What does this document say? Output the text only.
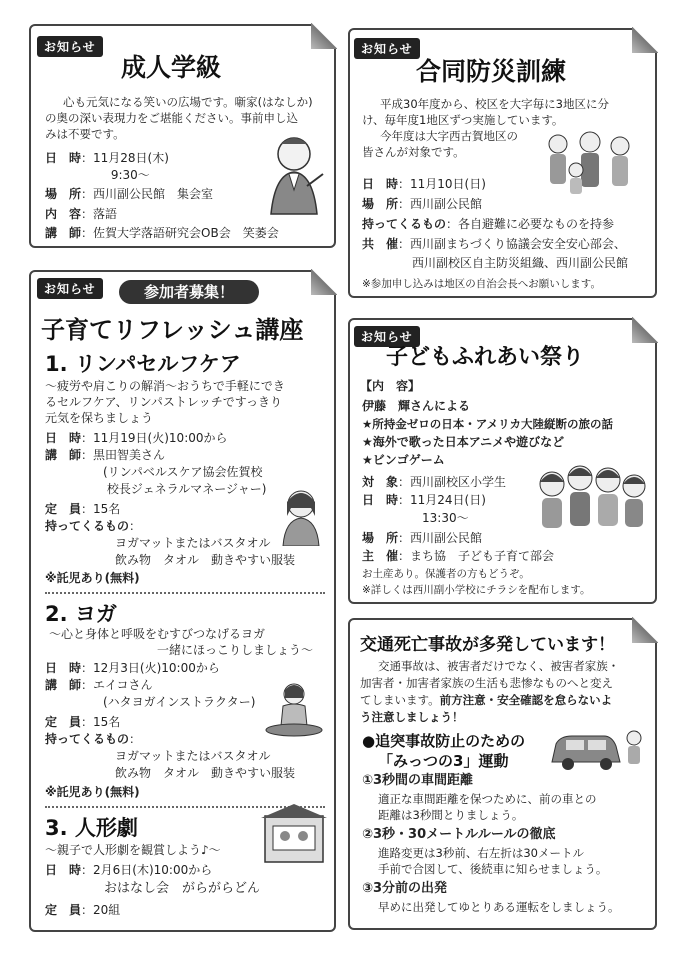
お知らせ
成人学級
心も元気になる笑いの広場です。噺家(はなしか)
の奥の深い表現力をご堪能ください。事前申し込
みは不要です。
日　時：11月28日(木)
　 9:30〜
場　所：西川副公民館　集会室
内　容：落語
講　師：佐賀大学落語研究会OB会　笑萎会
お知らせ
合同防災訓練
平成30年度から、校区を大字毎に3地区に分
け、毎年度1地区ずつ実施しています。
今年度は大字西古賀地区の
皆さんが対象です。
日　時：11月10日(日)
場　所：西川副公民館
持ってくるもの：各自避難に必要なものを持参
共　催：西川副まちづくり協議会安全安心部会、
　西川副校区自主防災組織、西川副公民館
※参加申し込みは地区の自治会長へお願いします。
お知らせ	参加者募集！
子育てリフレッシュ講座
1. リンパセルフケア
〜疲労や肩こりの解消〜おうちで手軽にでき
るセルフケア、リンパストレッチですっきり
元気を保ちましょう
日　時：11月19日(火)10:00から
講　師：黒田智美さん
　(リンパベルスケア協会佐賀校
　 校長ジェネラルマネージャー)
定　員：15名
持ってくるもの：
　　ヨガマットまたはバスタオル
　　飲み物　タオル　動きやすい服装
※託児あり(無料)
2. ヨガ
〜心と身体と呼吸をむすびつなげるヨガ
一緒にほっこりしましょう〜
日　時：12月3日(火)10:00から
講　師：エイコさん
　(ハタヨガインストラクター)
定　員：15名
持ってくるもの：
　　ヨガマットまたはバスタオル
　　飲み物　タオル　動きやすい服装
※託児あり(無料)
3. 人形劇
〜親子で人形劇を観賞しよう♪〜
日　時：2月6日(木)10:00から
　おはなし会　がらがらどん
定　員：20組
お知らせ
子どもふれあい祭り
【内　容】
伊藤　輝さんによる
★所持金ゼロの日本・アメリカ大陸縦断の旅の話
★海外で歌った日本アニメや遊びなど
★ビンゴゲーム
対　象：西川副校区小学生
日　時：11月24日(日)
　13:30〜
場　所：西川副公民館
主　催：まち協　子ども子育て部会
お土産あり。保護者の方もどうぞ。
※詳しくは西川副小学校にチラシを配布します。
交通死亡事故が多発しています！
交通事故は、被害者だけでなく、被害者家族・
加害者・加害者家族の生活も悲惨なものへと変え
てしまいます。前方注意・安全確認を怠らないよ
う注意しましょう！
●追突事故防止のための
「みっつの3」運動
①3秒間の車間距離
適正な車間距離を保つために、前の車との
距離は3秒間とりましょう。
②3秒・30メートルルールの徹底
進路変更は3秒前、右左折は30メートル
手前で合図して、後続車に知らせましょう。
③3分前の出発
早めに出発してゆとりある運転をしましょう。
